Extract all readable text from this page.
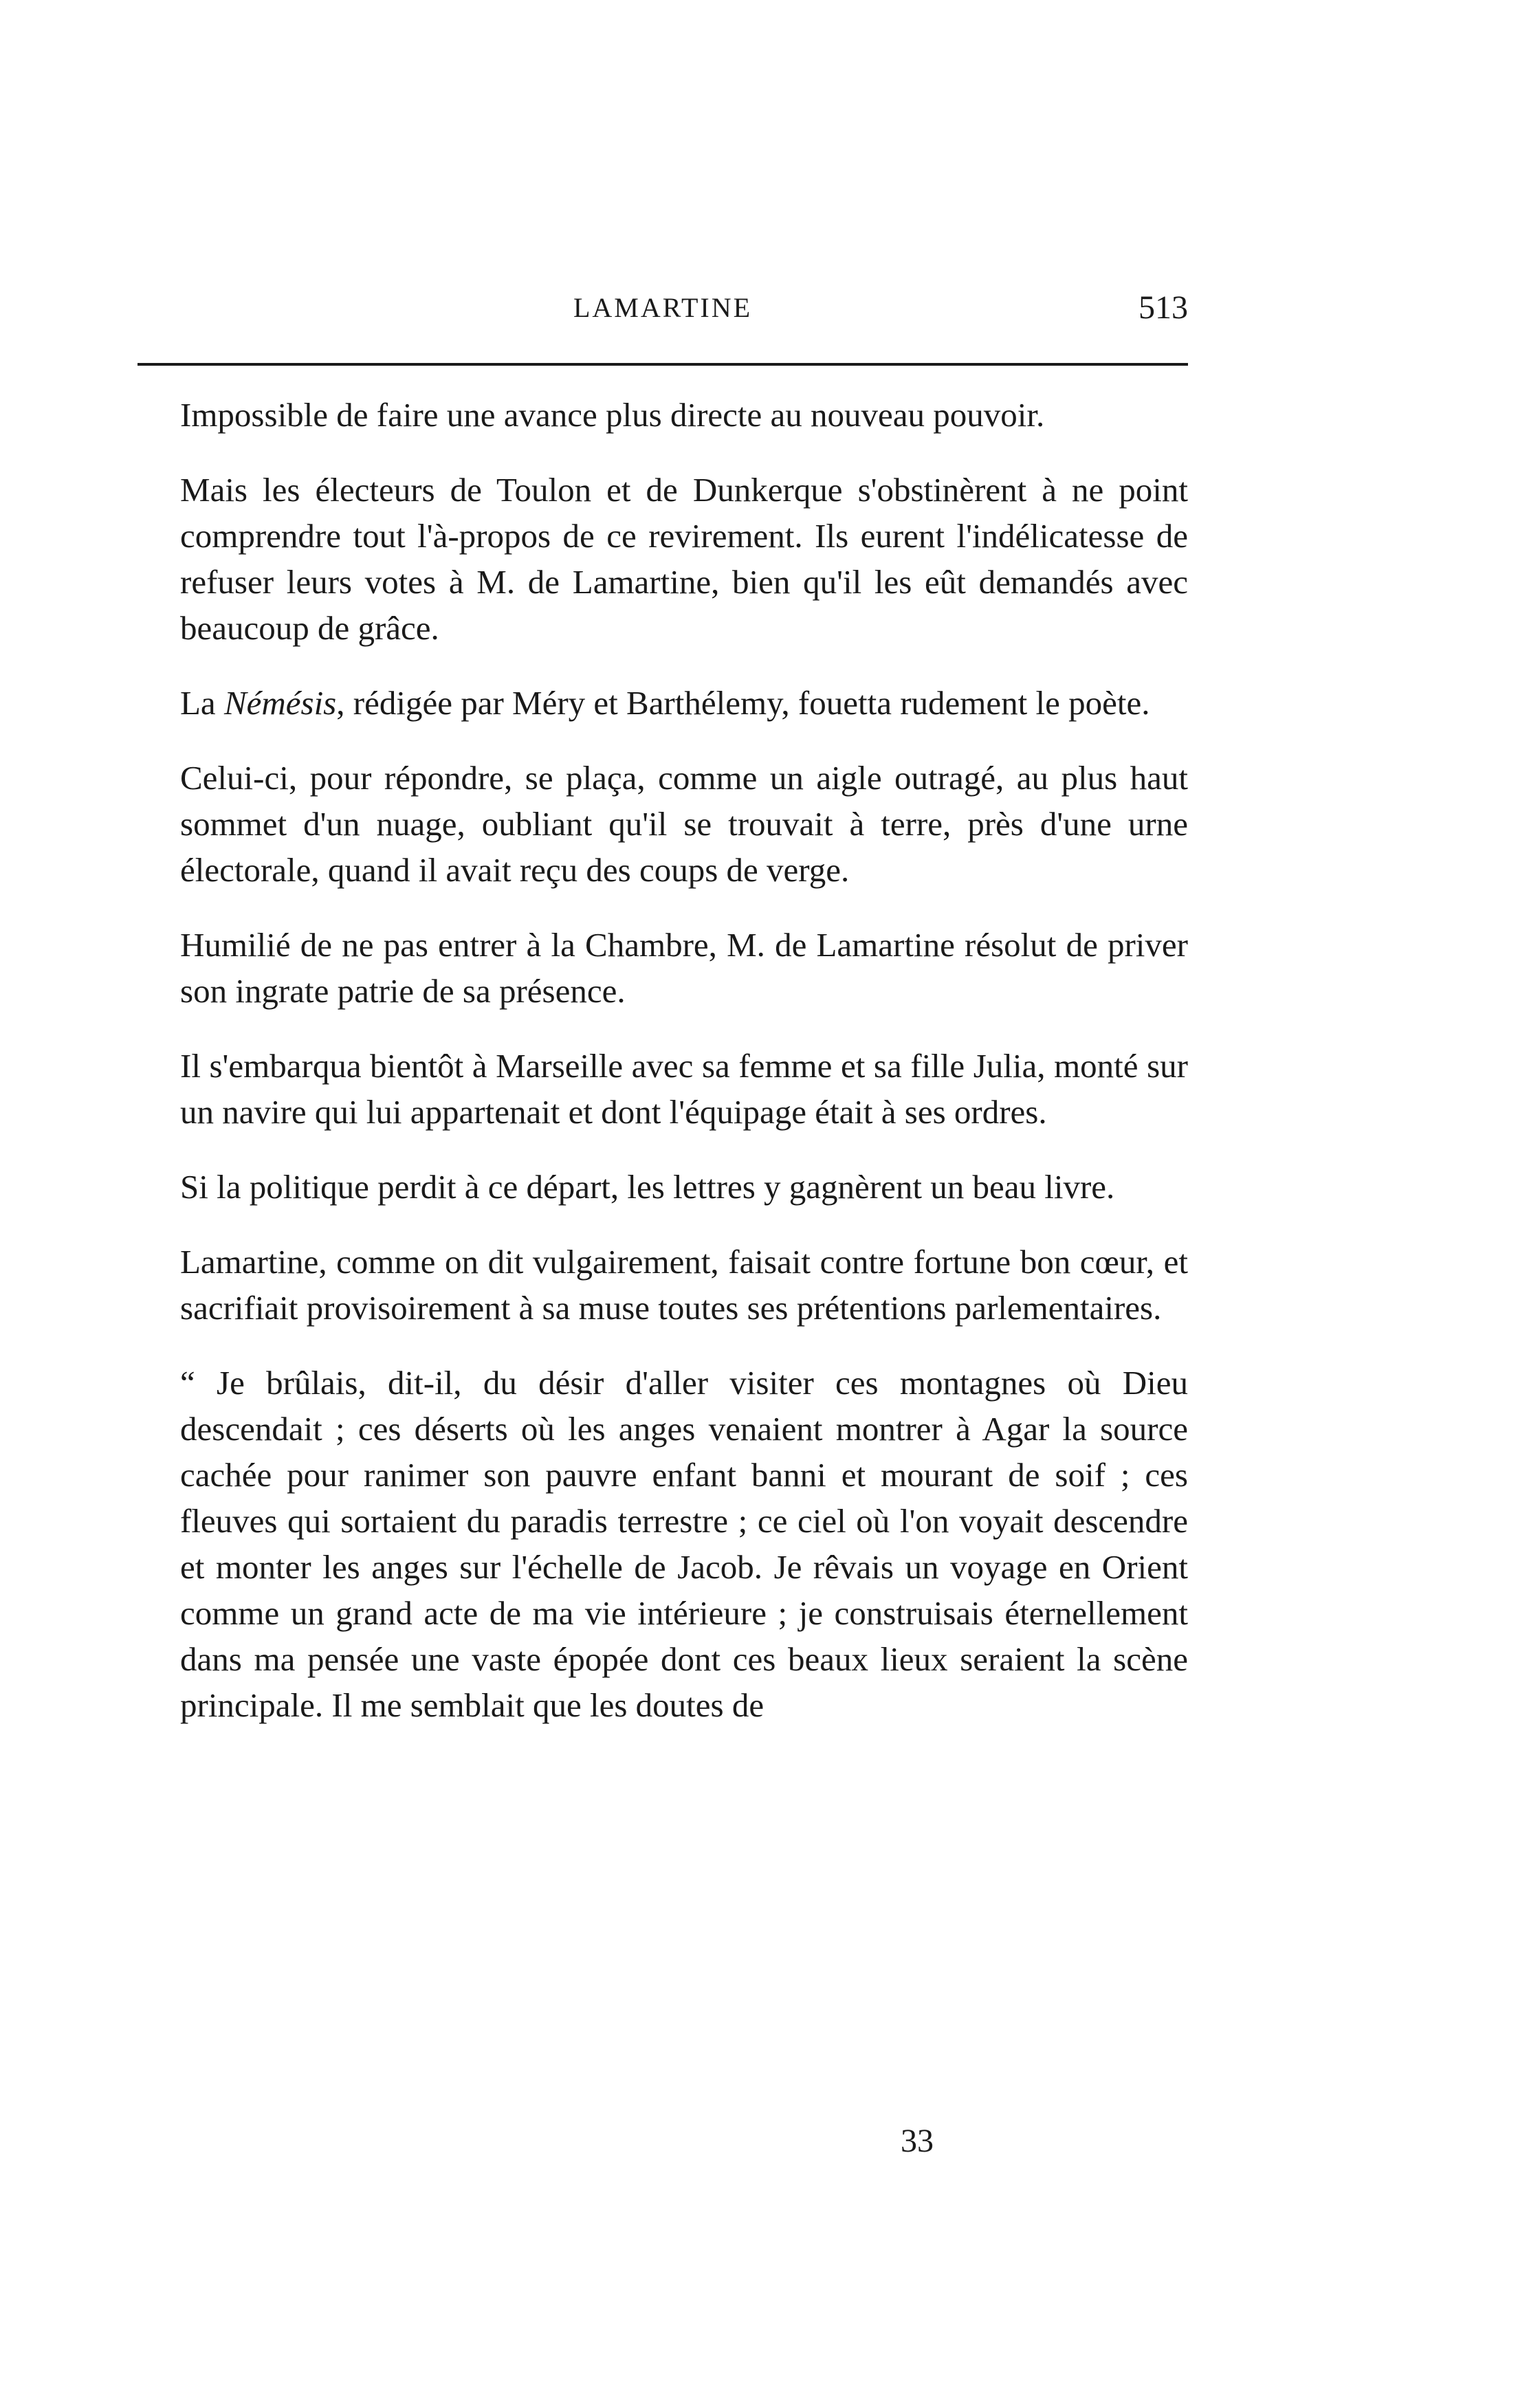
LAMARTINE	513

Impossible de faire une avance plus directe au nouveau pouvoir.

Mais les électeurs de Toulon et de Dunkerque s'obstinèrent à ne point comprendre tout l'à-propos de ce revirement. Ils eurent l'indélicatesse de refuser leurs votes à M. de Lamartine, bien qu'il les eût demandés avec beaucoup de grâce.

La Némésis, rédigée par Méry et Barthélemy, fouetta rudement le poète.

Celui-ci, pour répondre, se plaça, comme un aigle outragé, au plus haut sommet d'un nuage, oubliant qu'il se trouvait à terre, près d'une urne électorale, quand il avait reçu des coups de verge.

Humilié de ne pas entrer à la Chambre, M. de Lamartine résolut de priver son ingrate patrie de sa présence.

Il s'embarqua bientôt à Marseille avec sa femme et sa fille Julia, monté sur un navire qui lui appartenait et dont l'équipage était à ses ordres.

Si la politique perdit à ce départ, les lettres y gagnèrent un beau livre.

Lamartine, comme on dit vulgairement, faisait contre fortune bon cœur, et sacrifiait provisoirement à sa muse toutes ses prétentions parlementaires.

“ Je brûlais, dit-il, du désir d'aller visiter ces montagnes où Dieu descendait ; ces déserts où les anges venaient montrer à Agar la source cachée pour ranimer son pauvre enfant banni et mourant de soif ; ces fleuves qui sortaient du paradis terrestre ; ce ciel où l'on voyait descendre et monter les anges sur l'échelle de Jacob. Je rêvais un voyage en Orient comme un grand acte de ma vie intérieure ; je construisais éternellement dans ma pensée une vaste épopée dont ces beaux lieux seraient la scène principale. Il me semblait que les doutes de

33
